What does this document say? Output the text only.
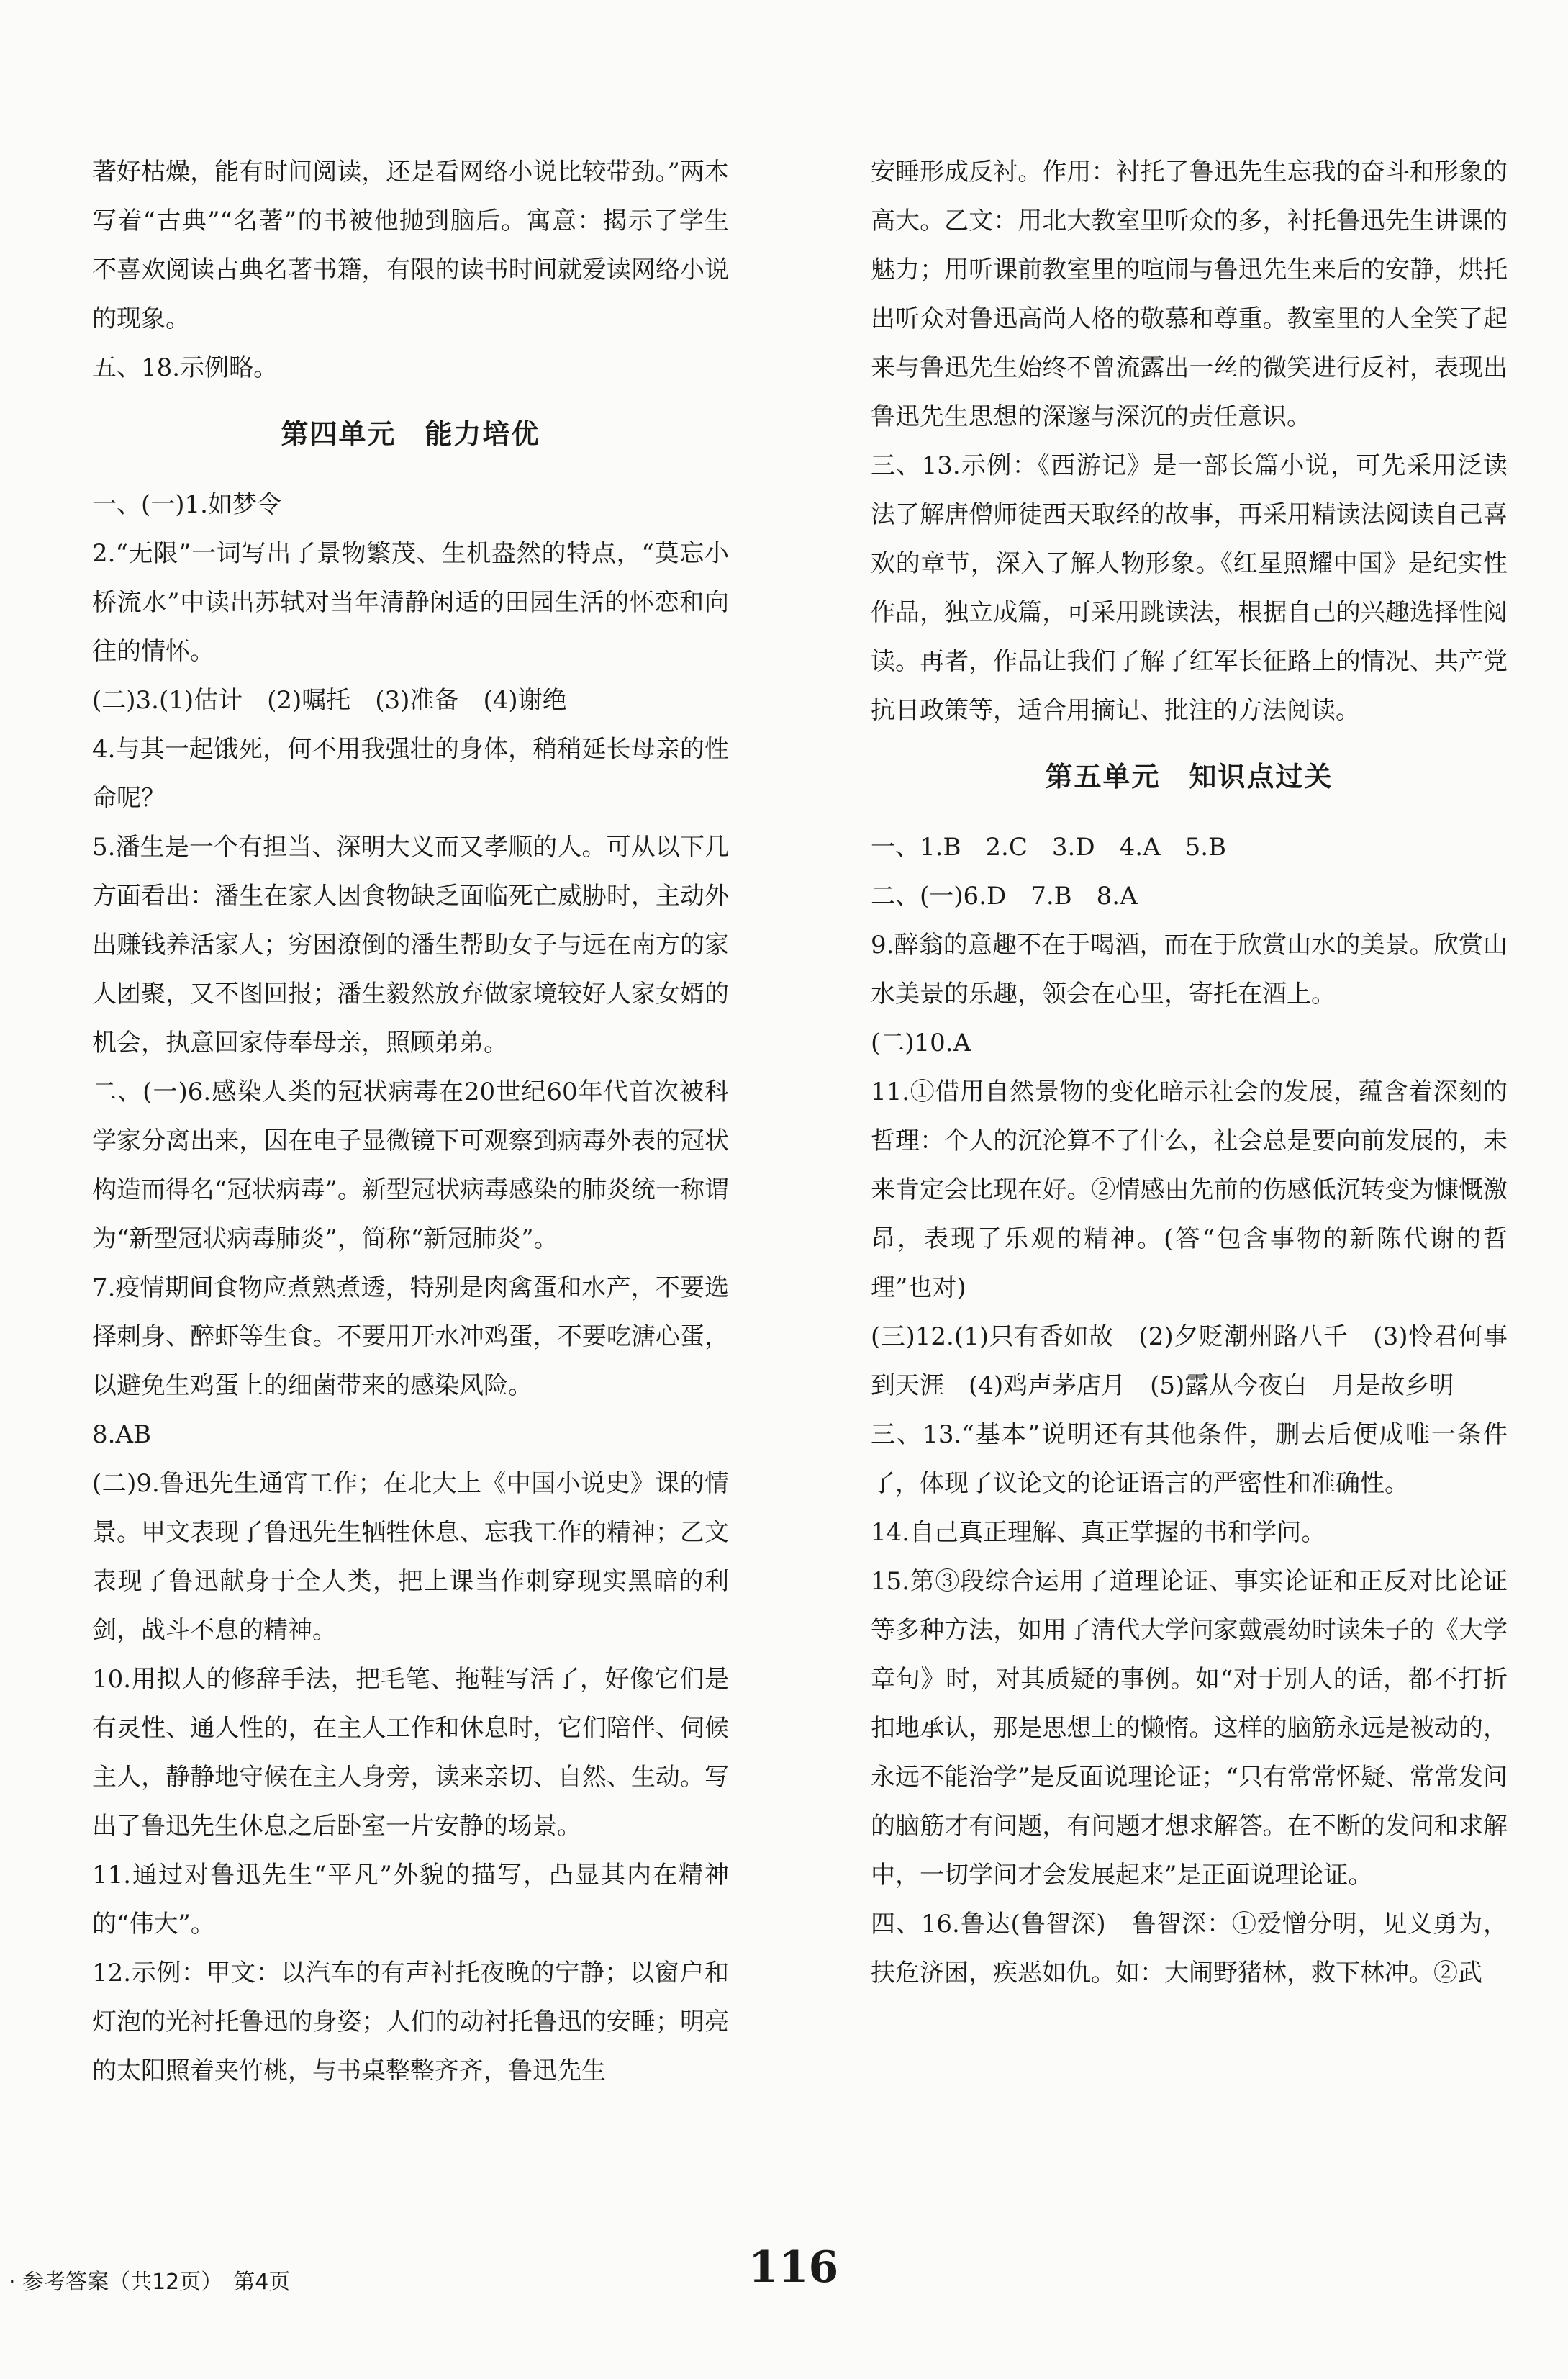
著好枯燥，能有时间阅读，还是看网络小说比较带劲。”两本写着“古典”“名著”的书被他抛到脑后。寓意：揭示了学生不喜欢阅读古典名著书籍，有限的读书时间就爱读网络小说的现象。

五、18.示例略。

第四单元　能力培优

一、(一)1.如梦令

2.“无限”一词写出了景物繁茂、生机盎然的特点，“莫忘小桥流水”中读出苏轼对当年清静闲适的田园生活的怀恋和向往的情怀。

(二)3.(1)估计　(2)嘱托　(3)准备　(4)谢绝

4.与其一起饿死，何不用我强壮的身体，稍稍延长母亲的性命呢？

5.潘生是一个有担当、深明大义而又孝顺的人。可从以下几方面看出：潘生在家人因食物缺乏面临死亡威胁时，主动外出赚钱养活家人；穷困潦倒的潘生帮助女子与远在南方的家人团聚，又不图回报；潘生毅然放弃做家境较好人家女婿的机会，执意回家侍奉母亲，照顾弟弟。

二、(一)6.感染人类的冠状病毒在20世纪60年代首次被科学家分离出来，因在电子显微镜下可观察到病毒外表的冠状构造而得名“冠状病毒”。新型冠状病毒感染的肺炎统一称谓为“新型冠状病毒肺炎”，简称“新冠肺炎”。

7.疫情期间食物应煮熟煮透，特别是肉禽蛋和水产，不要选择刺身、醉虾等生食。不要用开水冲鸡蛋，不要吃溏心蛋，以避免生鸡蛋上的细菌带来的感染风险。

8.AB

(二)9.鲁迅先生通宵工作；在北大上《中国小说史》课的情景。甲文表现了鲁迅先生牺牲休息、忘我工作的精神；乙文表现了鲁迅献身于全人类，把上课当作刺穿现实黑暗的利剑，战斗不息的精神。

10.用拟人的修辞手法，把毛笔、拖鞋写活了，好像它们是有灵性、通人性的，在主人工作和休息时，它们陪伴、伺候主人，静静地守候在主人身旁，读来亲切、自然、生动。写出了鲁迅先生休息之后卧室一片安静的场景。

11.通过对鲁迅先生“平凡”外貌的描写，凸显其内在精神的“伟大”。

12.示例：甲文：以汽车的有声衬托夜晚的宁静；以窗户和灯泡的光衬托鲁迅的身姿；人们的动衬托鲁迅的安睡；明亮的太阳照着夹竹桃，与书桌整整齐齐，鲁迅先生

安睡形成反衬。作用：衬托了鲁迅先生忘我的奋斗和形象的高大。乙文：用北大教室里听众的多，衬托鲁迅先生讲课的魅力；用听课前教室里的喧闹与鲁迅先生来后的安静，烘托出听众对鲁迅高尚人格的敬慕和尊重。教室里的人全笑了起来与鲁迅先生始终不曾流露出一丝的微笑进行反衬，表现出鲁迅先生思想的深邃与深沉的责任意识。

三、13.示例：《西游记》是一部长篇小说，可先采用泛读法了解唐僧师徒西天取经的故事，再采用精读法阅读自己喜欢的章节，深入了解人物形象。《红星照耀中国》是纪实性作品，独立成篇，可采用跳读法，根据自己的兴趣选择性阅读。再者，作品让我们了解了红军长征路上的情况、共产党抗日政策等，适合用摘记、批注的方法阅读。

第五单元　知识点过关

一、1.B　2.C　3.D　4.A　5.B

二、(一)6.D　7.B　8.A

9.醉翁的意趣不在于喝酒，而在于欣赏山水的美景。欣赏山水美景的乐趣，领会在心里，寄托在酒上。

(二)10.A

11.①借用自然景物的变化暗示社会的发展，蕴含着深刻的哲理：个人的沉沦算不了什么，社会总是要向前发展的，未来肯定会比现在好。②情感由先前的伤感低沉转变为慷慨激昂，表现了乐观的精神。(答“包含事物的新陈代谢的哲理”也对)

(三)12.(1)只有香如故　(2)夕贬潮州路八千　(3)怜君何事到天涯　(4)鸡声茅店月　(5)露从今夜白　月是故乡明

三、13.“基本”说明还有其他条件，删去后便成唯一条件了，体现了议论文的论证语言的严密性和准确性。

14.自己真正理解、真正掌握的书和学问。

15.第③段综合运用了道理论证、事实论证和正反对比论证等多种方法，如用了清代大学问家戴震幼时读朱子的《大学章句》时，对其质疑的事例。如“对于别人的话，都不打折扣地承认，那是思想上的懒惰。这样的脑筋永远是被动的，永远不能治学”是反面说理论证；“只有常常怀疑、常常发问的脑筋才有问题，有问题才想求解答。在不断的发问和求解中，一切学问才会发展起来”是正面说理论证。

四、16.鲁达(鲁智深)　鲁智深：①爱憎分明，见义勇为，扶危济困，疾恶如仇。如：大闹野猪林，救下林冲。②武

· 参考答案（共12页）　第4页	116
